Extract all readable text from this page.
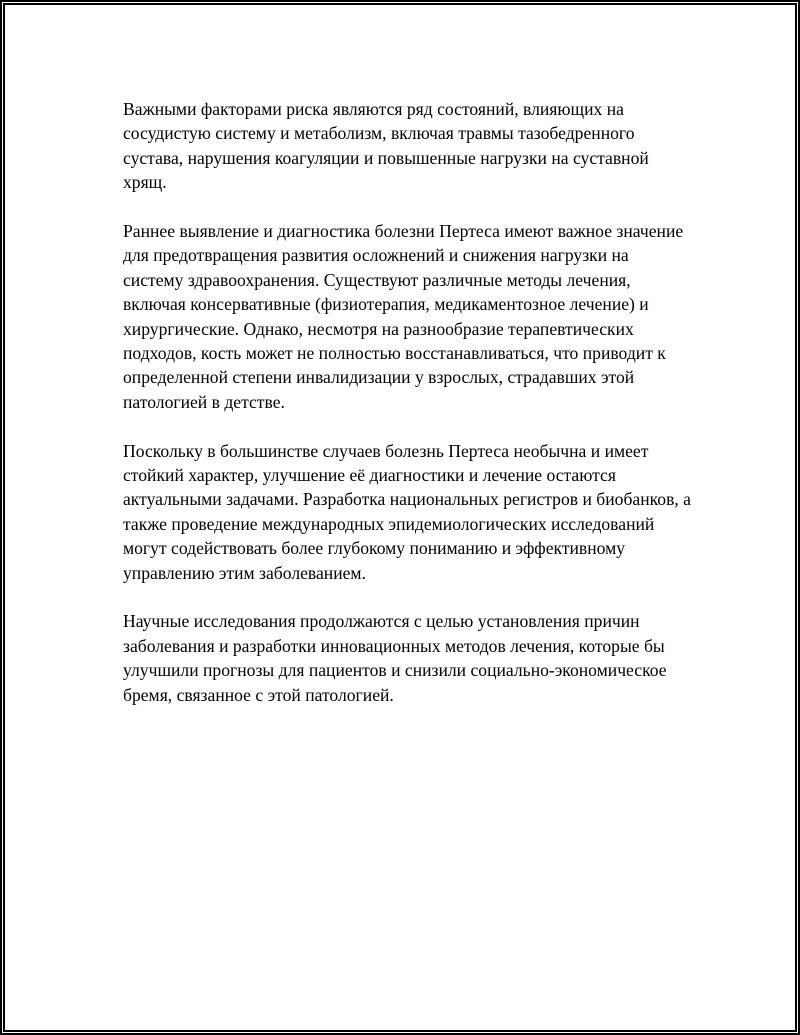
Важными факторами риска являются ряд состояний, влияющих на сосудистую систему и метаболизм, включая травмы тазобедренного сустава, нарушения коагуляции и повышенные нагрузки на суставной хрящ.

Раннее выявление и диагностика болезни Пертеса имеют важное значение для предотвращения развития осложнений и снижения нагрузки на систему здравоохранения. Существуют различные методы лечения, включая консервативные (физиотерапия, медикаментозное лечение) и хирургические. Однако, несмотря на разнообразие терапевтических подходов, кость может не полностью восстанавливаться, что приводит к определенной степени инвалидизации у взрослых, страдавших этой патологией в детстве.

Поскольку в большинстве случаев болезнь Пертеса необычна и имеет стойкий характер, улучшение её диагностики и лечение остаются актуальными задачами. Разработка национальных регистров и биобанков, а также проведение международных эпидемиологических исследований могут содействовать более глубокому пониманию и эффективному управлению этим заболеванием.

Научные исследования продолжаются с целью установления причин заболевания и разработки инновационных методов лечения, которые бы улучшили прогнозы для пациентов и снизили социально-экономическое бремя, связанное с этой патологией.
